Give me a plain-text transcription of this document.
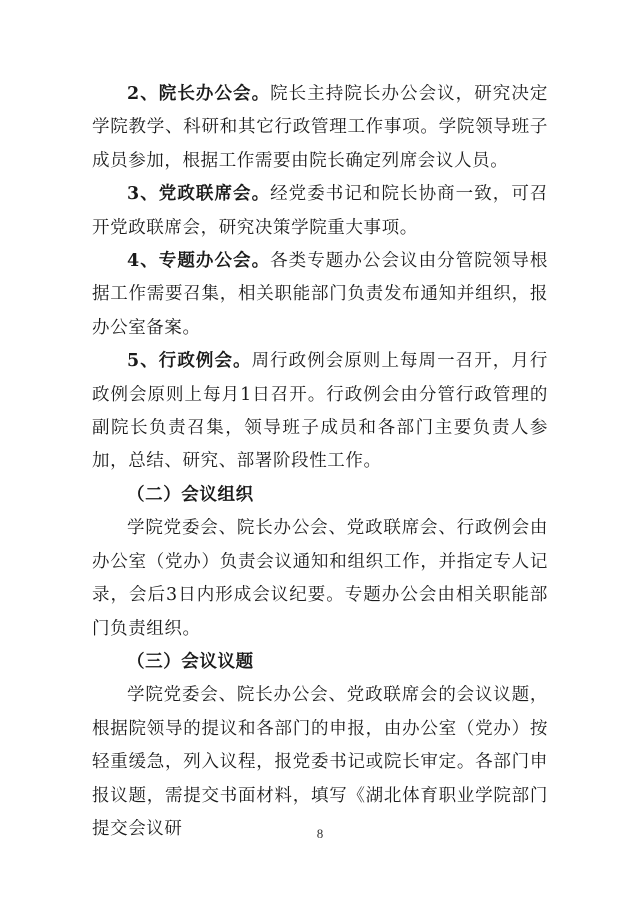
2、院长办公会。院长主持院长办公会议，研究决定学院教学、科研和其它行政管理工作事项。学院领导班子成员参加，根据工作需要由院长确定列席会议人员。

3、党政联席会。经党委书记和院长协商一致，可召开党政联席会，研究决策学院重大事项。

4、专题办公会。各类专题办公会议由分管院领导根据工作需要召集，相关职能部门负责发布通知并组织，报办公室备案。

5、行政例会。周行政例会原则上每周一召开，月行政例会原则上每月1日召开。行政例会由分管行政管理的副院长负责召集，领导班子成员和各部门主要负责人参加，总结、研究、部署阶段性工作。

（二）会议组织

学院党委会、院长办公会、党政联席会、行政例会由办公室（党办）负责会议通知和组织工作，并指定专人记录，会后3日内形成会议纪要。专题办公会由相关职能部门负责组织。

（三）会议议题

学院党委会、院长办公会、党政联席会的会议议题，根据院领导的提议和各部门的申报，由办公室（党办）按轻重缓急，列入议程，报党委书记或院长审定。各部门申报议题，需提交书面材料，填写《湖北体育职业学院部门提交会议研	8
